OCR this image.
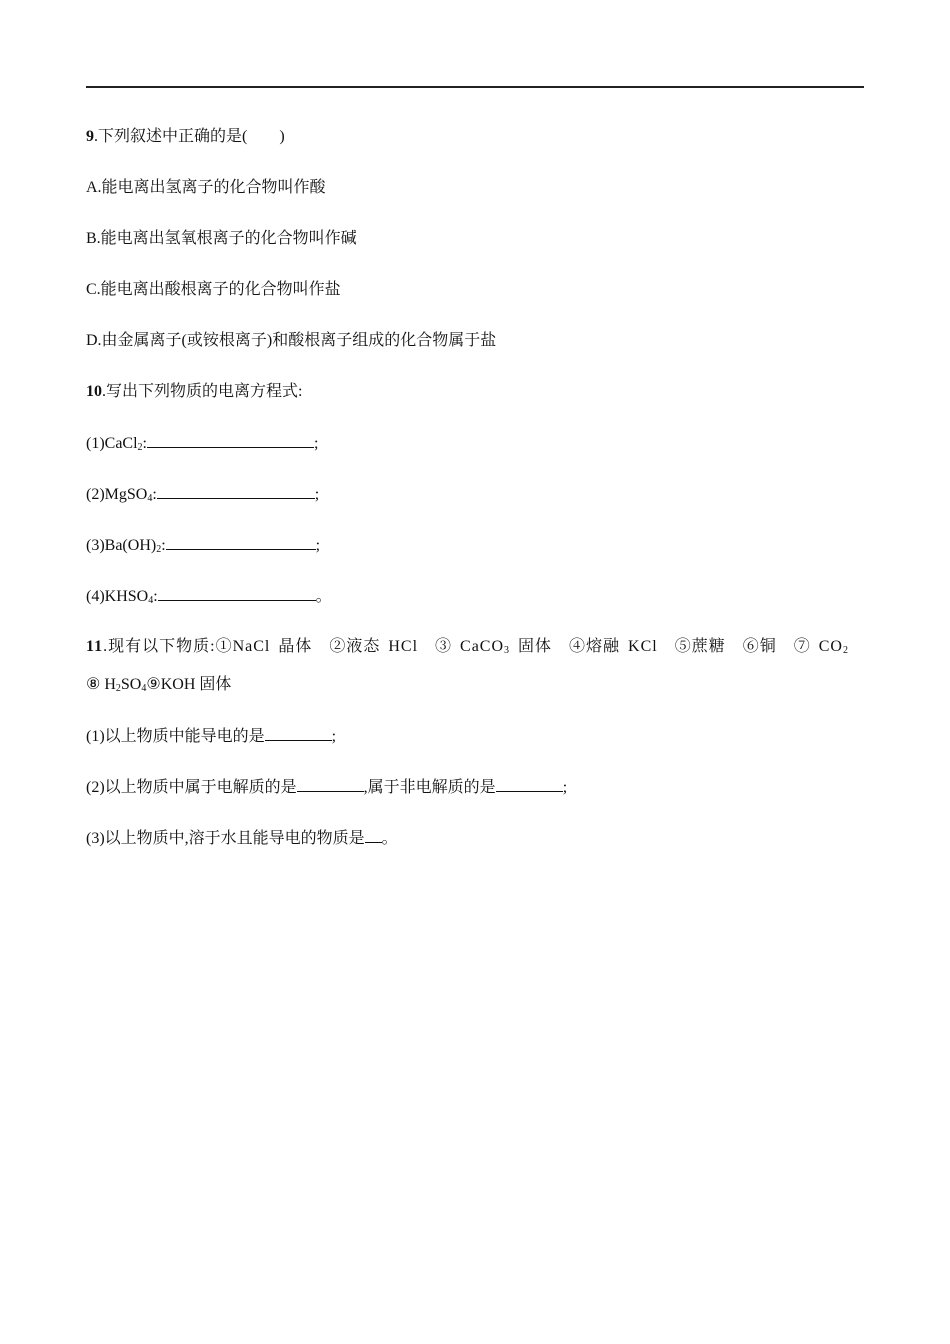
9.下列叙述中正确的是(　　)
A.能电离出氢离子的化合物叫作酸
B.能电离出氢氧根离子的化合物叫作碱
C.能电离出酸根离子的化合物叫作盐
D.由金属离子(或铵根离子)和酸根离子组成的化合物属于盐
10.写出下列物质的电离方程式:
(1)CaCl$_2$:	;
(2)MgSO$_4$:	;
$(3)Ba(OH)_2$:	;
$(4)KHSO_4$:	。
11.现有以下物质:①NaCl 晶体　②液态 HCl　③ CaCO$_3$ 固体　④熔融 KCl　⑤蔗糖　⑥铜　⑦ $CO_2$
⑧ $H_2SO_4⑨KOH$ 固体
(1)以上物质中能导电的是	;
(2)以上物质中属于电解质的是	,属于非电解质的是	;
(3)以上物质中,溶于水且能导电的物质是 。
